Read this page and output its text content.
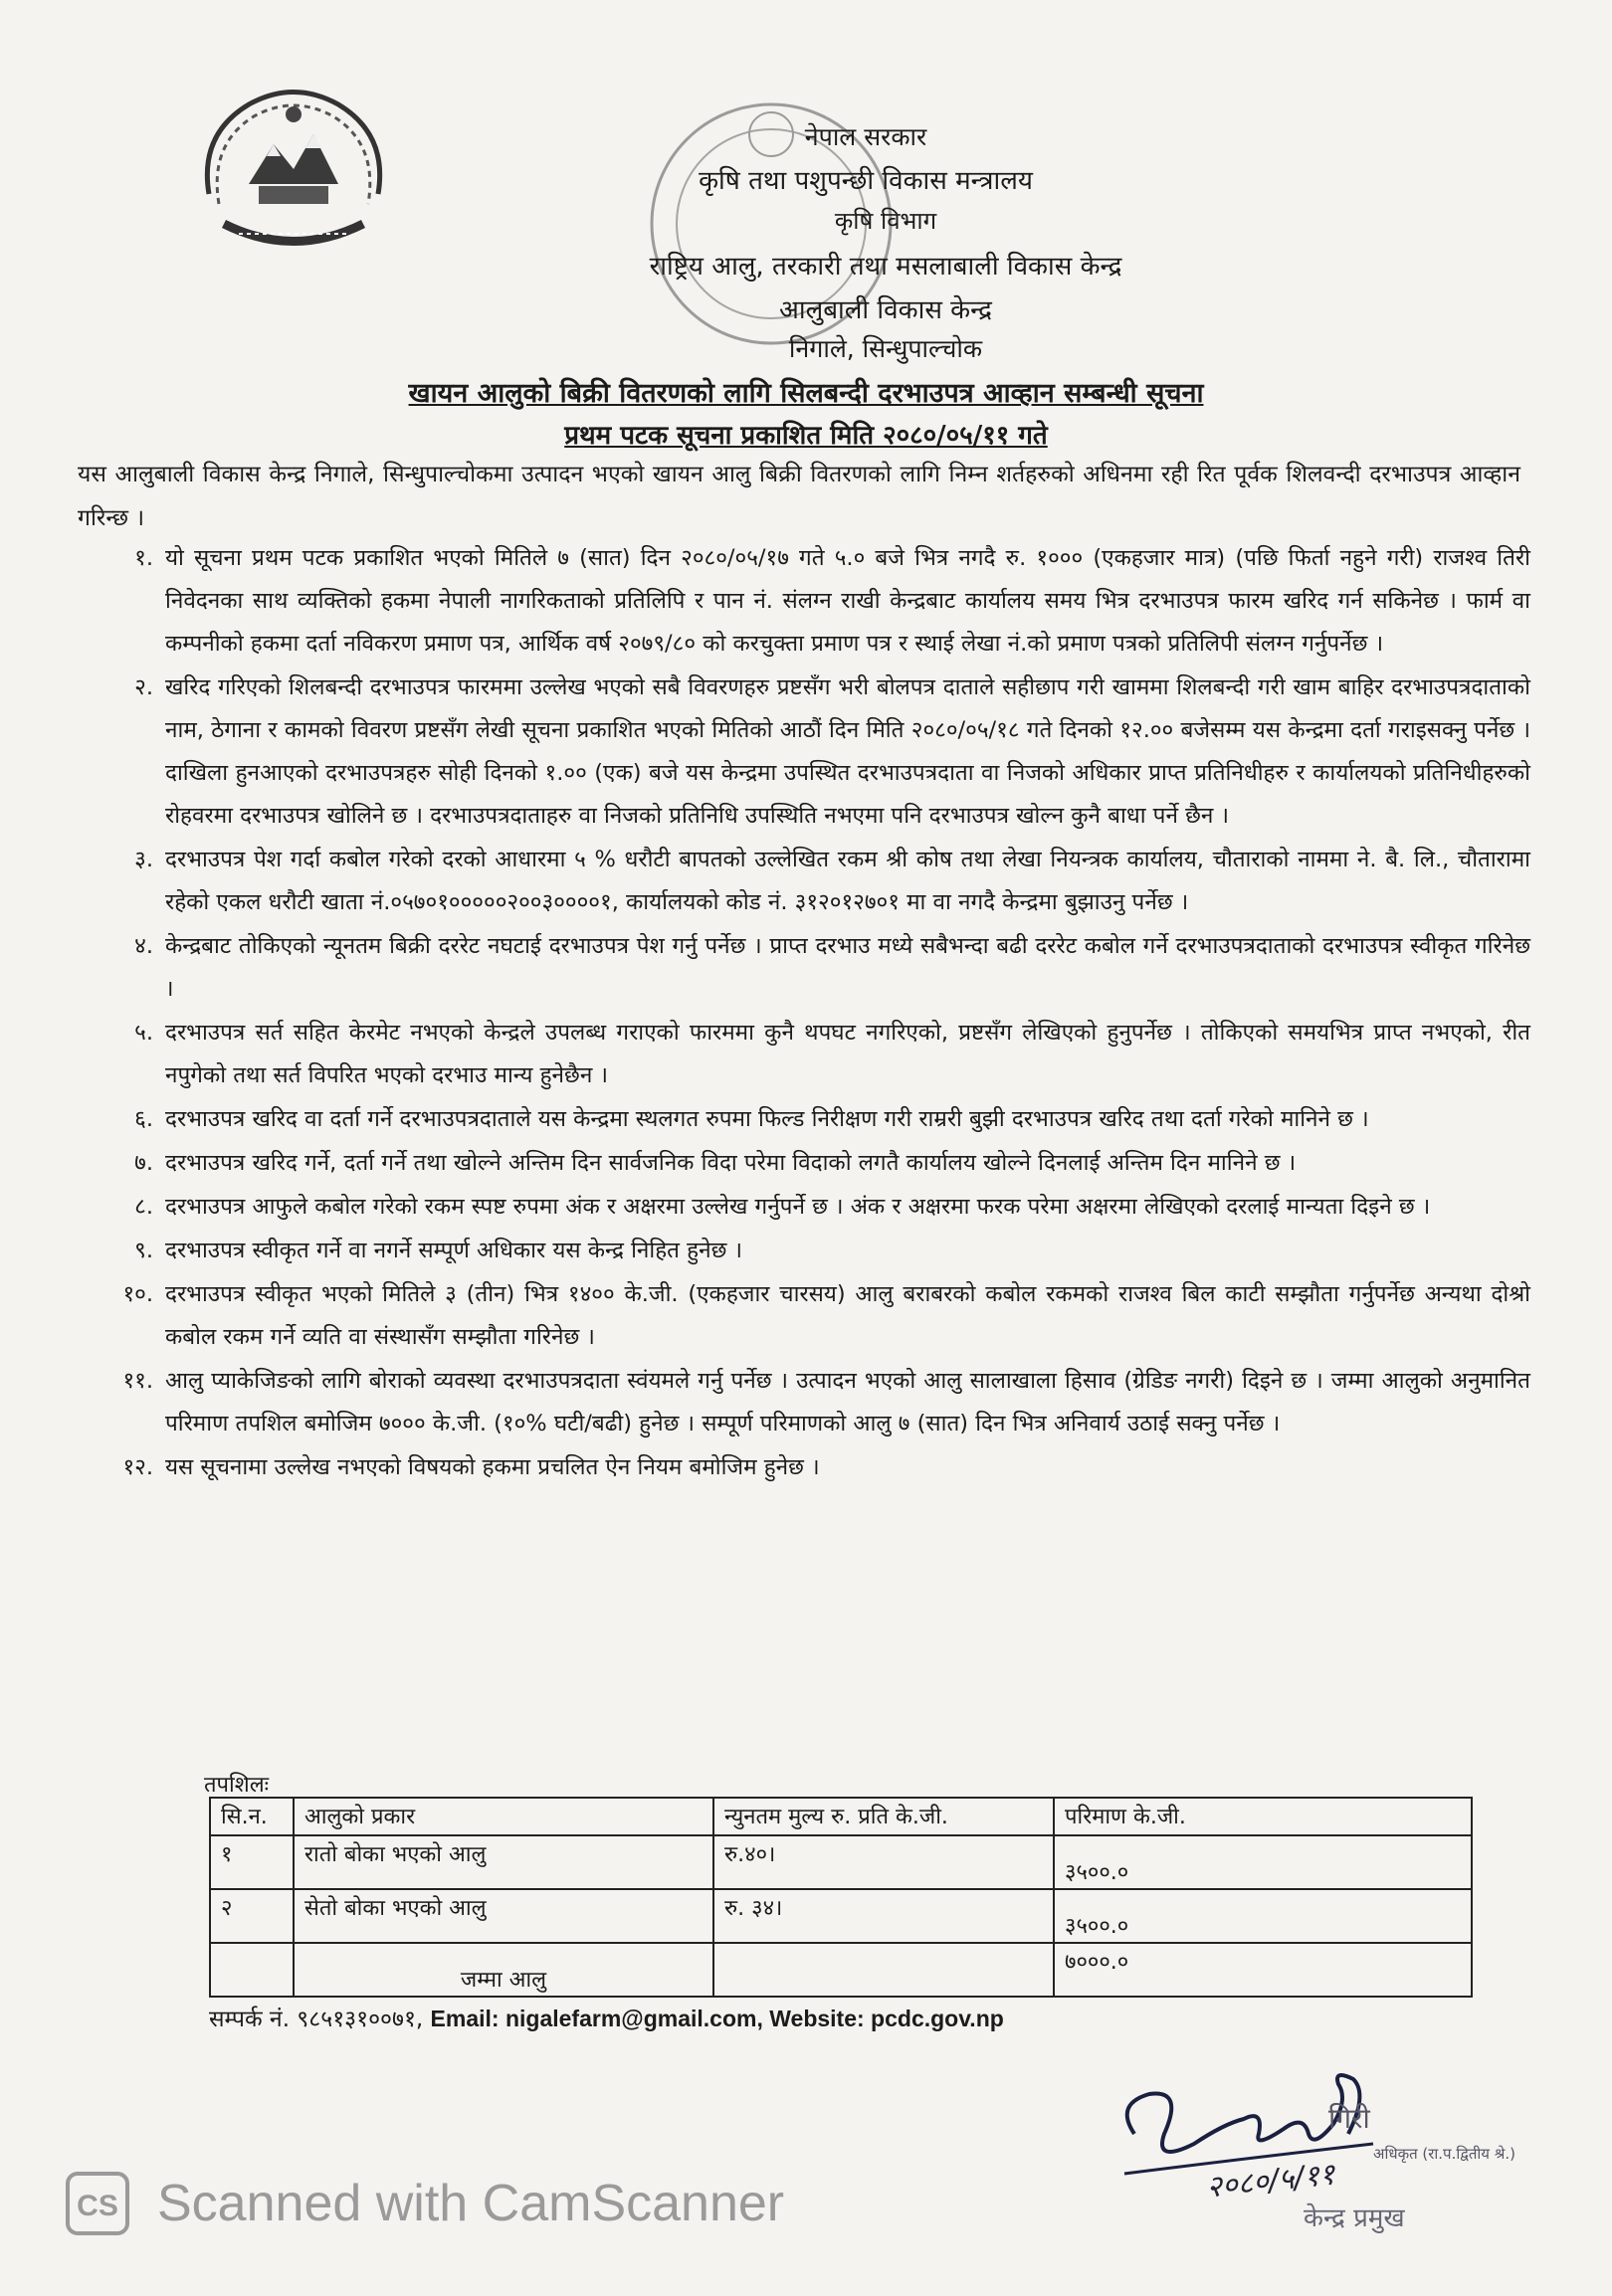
नेपाल सरकार
कृषि तथा पशुपन्छी विकास मन्त्रालय
कृषि विभाग
राष्ट्रिय आलु, तरकारी तथा मसलाबाली विकास केन्द्र
आलुबाली विकास केन्द्र
निगाले, सिन्धुपाल्चोक
खायन आलुको बिक्री वितरणको लागि सिलबन्दी दरभाउपत्र आव्हान सम्बन्धी सूचना
प्रथम पटक सूचना प्रकाशित मिति २०८०/०५/११ गते
यस आलुबाली विकास केन्द्र निगाले, सिन्धुपाल्चोकमा उत्पादन भएको खायन आलु बिक्री वितरणको लागि निम्न शर्तहरुको अधिनमा रही रित पूर्वक शिलवन्दी दरभाउपत्र आव्हान गरिन्छ ।
१. यो सूचना प्रथम पटक प्रकाशित भएको मितिले ७ (सात) दिन २०८०/०५/१७ गते ५.० बजे भित्र नगदै रु. १००० (एकहजार मात्र) (पछि फिर्ता नहुने गरी) राजश्व तिरी निवेदनका साथ व्यक्तिको हकमा नेपाली नागरिकताको प्रतिलिपि र पान नं. संलग्न राखी केन्द्रबाट कार्यालय समय भित्र दरभाउपत्र फारम खरिद गर्न सकिनेछ । फार्म वा कम्पनीको हकमा दर्ता नविकरण प्रमाण पत्र, आर्थिक वर्ष २०७९/८० को करचुक्ता प्रमाण पत्र र स्थाई लेखा नं.को प्रमाण पत्रको प्रतिलिपी संलग्न गर्नुपर्नेछ ।
२. खरिद गरिएको शिलबन्दी दरभाउपत्र फारममा उल्लेख भएको सबै विवरणहरु प्रष्टसँग भरी बोलपत्र दाताले सहीछाप गरी खाममा शिलबन्दी गरी खाम बाहिर दरभाउपत्रदाताको नाम, ठेगाना र कामको विवरण प्रष्टसँग लेखी सूचना प्रकाशित भएको मितिको आठौं दिन मिति २०८०/०५/१८ गते दिनको १२.०० बजेसम्म यस केन्द्रमा दर्ता गराइसक्नु पर्नेछ । दाखिला हुनआएको दरभाउपत्रहरु सोही दिनको १.०० (एक) बजे यस केन्द्रमा उपस्थित दरभाउपत्रदाता वा निजको अधिकार प्राप्त प्रतिनिधीहरु र कार्यालयको प्रतिनिधीहरुको रोहवरमा दरभाउपत्र खोलिने छ । दरभाउपत्रदाताहरु वा निजको प्रतिनिधि उपस्थिति नभएमा पनि दरभाउपत्र खोल्न कुनै बाधा पर्ने छैन ।
३. दरभाउपत्र पेश गर्दा कबोल गरेको दरको आधारमा ५ % धरौटी बापतको उल्लेखित रकम श्री कोष तथा लेखा नियन्त्रक कार्यालय, चौताराको नाममा ने. बै. लि., चौतारामा रहेको एकल धरौटी खाता नं.०५७०१०००००२००३००००१, कार्यालयको कोड नं. ३१२०१२७०१ मा वा नगदै केन्द्रमा बुझाउनु पर्नेछ ।
४. केन्द्रबाट तोकिएको न्यूनतम बिक्री दररेट नघटाई दरभाउपत्र पेश गर्नु पर्नेछ । प्राप्त दरभाउ मध्ये सबैभन्दा बढी दररेट कबोल गर्ने दरभाउपत्रदाताको दरभाउपत्र स्वीकृत गरिनेछ ।
५. दरभाउपत्र सर्त सहित केरमेट नभएको केन्द्रले उपलब्ध गराएको फारममा कुनै थपघट नगरिएको, प्रष्टसँग लेखिएको हुनुपर्नेछ । तोकिएको समयभित्र प्राप्त नभएको, रीत नपुगेको तथा सर्त विपरित भएको दरभाउ मान्य हुनेछैन ।
६. दरभाउपत्र खरिद वा दर्ता गर्ने दरभाउपत्रदाताले यस केन्द्रमा स्थलगत रुपमा फिल्ड निरीक्षण गरी राम्ररी बुझी दरभाउपत्र खरिद तथा दर्ता गरेको मानिने छ ।
७. दरभाउपत्र खरिद गर्ने, दर्ता गर्ने तथा खोल्ने अन्तिम दिन सार्वजनिक विदा परेमा विदाको लगतै कार्यालय खोल्ने दिनलाई अन्तिम दिन मानिने छ ।
८. दरभाउपत्र आफुले कबोल गरेको रकम स्पष्ट रुपमा अंक र अक्षरमा उल्लेख गर्नुपर्ने छ । अंक र अक्षरमा फरक परेमा अक्षरमा लेखिएको दरलाई मान्यता दिइने छ ।
९. दरभाउपत्र स्वीकृत गर्ने वा नगर्ने सम्पूर्ण अधिकार यस केन्द्र निहित हुनेछ ।
१०. दरभाउपत्र स्वीकृत भएको मितिले ३ (तीन) भित्र १४०० के.जी. (एकहजार चारसय) आलु बराबरको कबोल रकमको राजश्व बिल काटी सम्झौता गर्नुपर्नेछ अन्यथा दोश्रो कबोल रकम गर्ने व्यति वा संस्थासँग सम्झौता गरिनेछ ।
११. आलु प्याकेजिङको लागि बोराको व्यवस्था दरभाउपत्रदाता स्वंयमले गर्नु पर्नेछ । उत्पादन भएको आलु सालाखाला हिसाव (ग्रेडिङ नगरी) दिइने छ । जम्मा आलुको अनुमानित परिमाण तपशिल बमोजिम ७००० के.जी. (१०% घटी/बढी) हुनेछ । सम्पूर्ण परिमाणको आलु ७ (सात) दिन भित्र अनिवार्य उठाई सक्नु पर्नेछ ।
१२. यस सूचनामा उल्लेख नभएको विषयको हकमा प्रचलित ऐन नियम बमोजिम हुनेछ ।
तपशिलः
सि.न.	आलुको प्रकार	न्युनतम मुल्य रु. प्रति के.जी.	परिमाण के.जी.
१	रातो बोका भएको आलु	रु.४०।	३५००.०
२	सेतो बोका भएको आलु	रु. ३४।	३५००.०
	जम्मा आलु		७०००.०
सम्पर्क नं. ९८५१३१००७१, Email: nigalefarm@gmail.com, Website: pcdc.gov.np
गिरी
२०८०/५/११
अधिकृत (रा.प.द्वितीय श्रे.)
केन्द्र प्रमुख
CS Scanned with CamScanner
